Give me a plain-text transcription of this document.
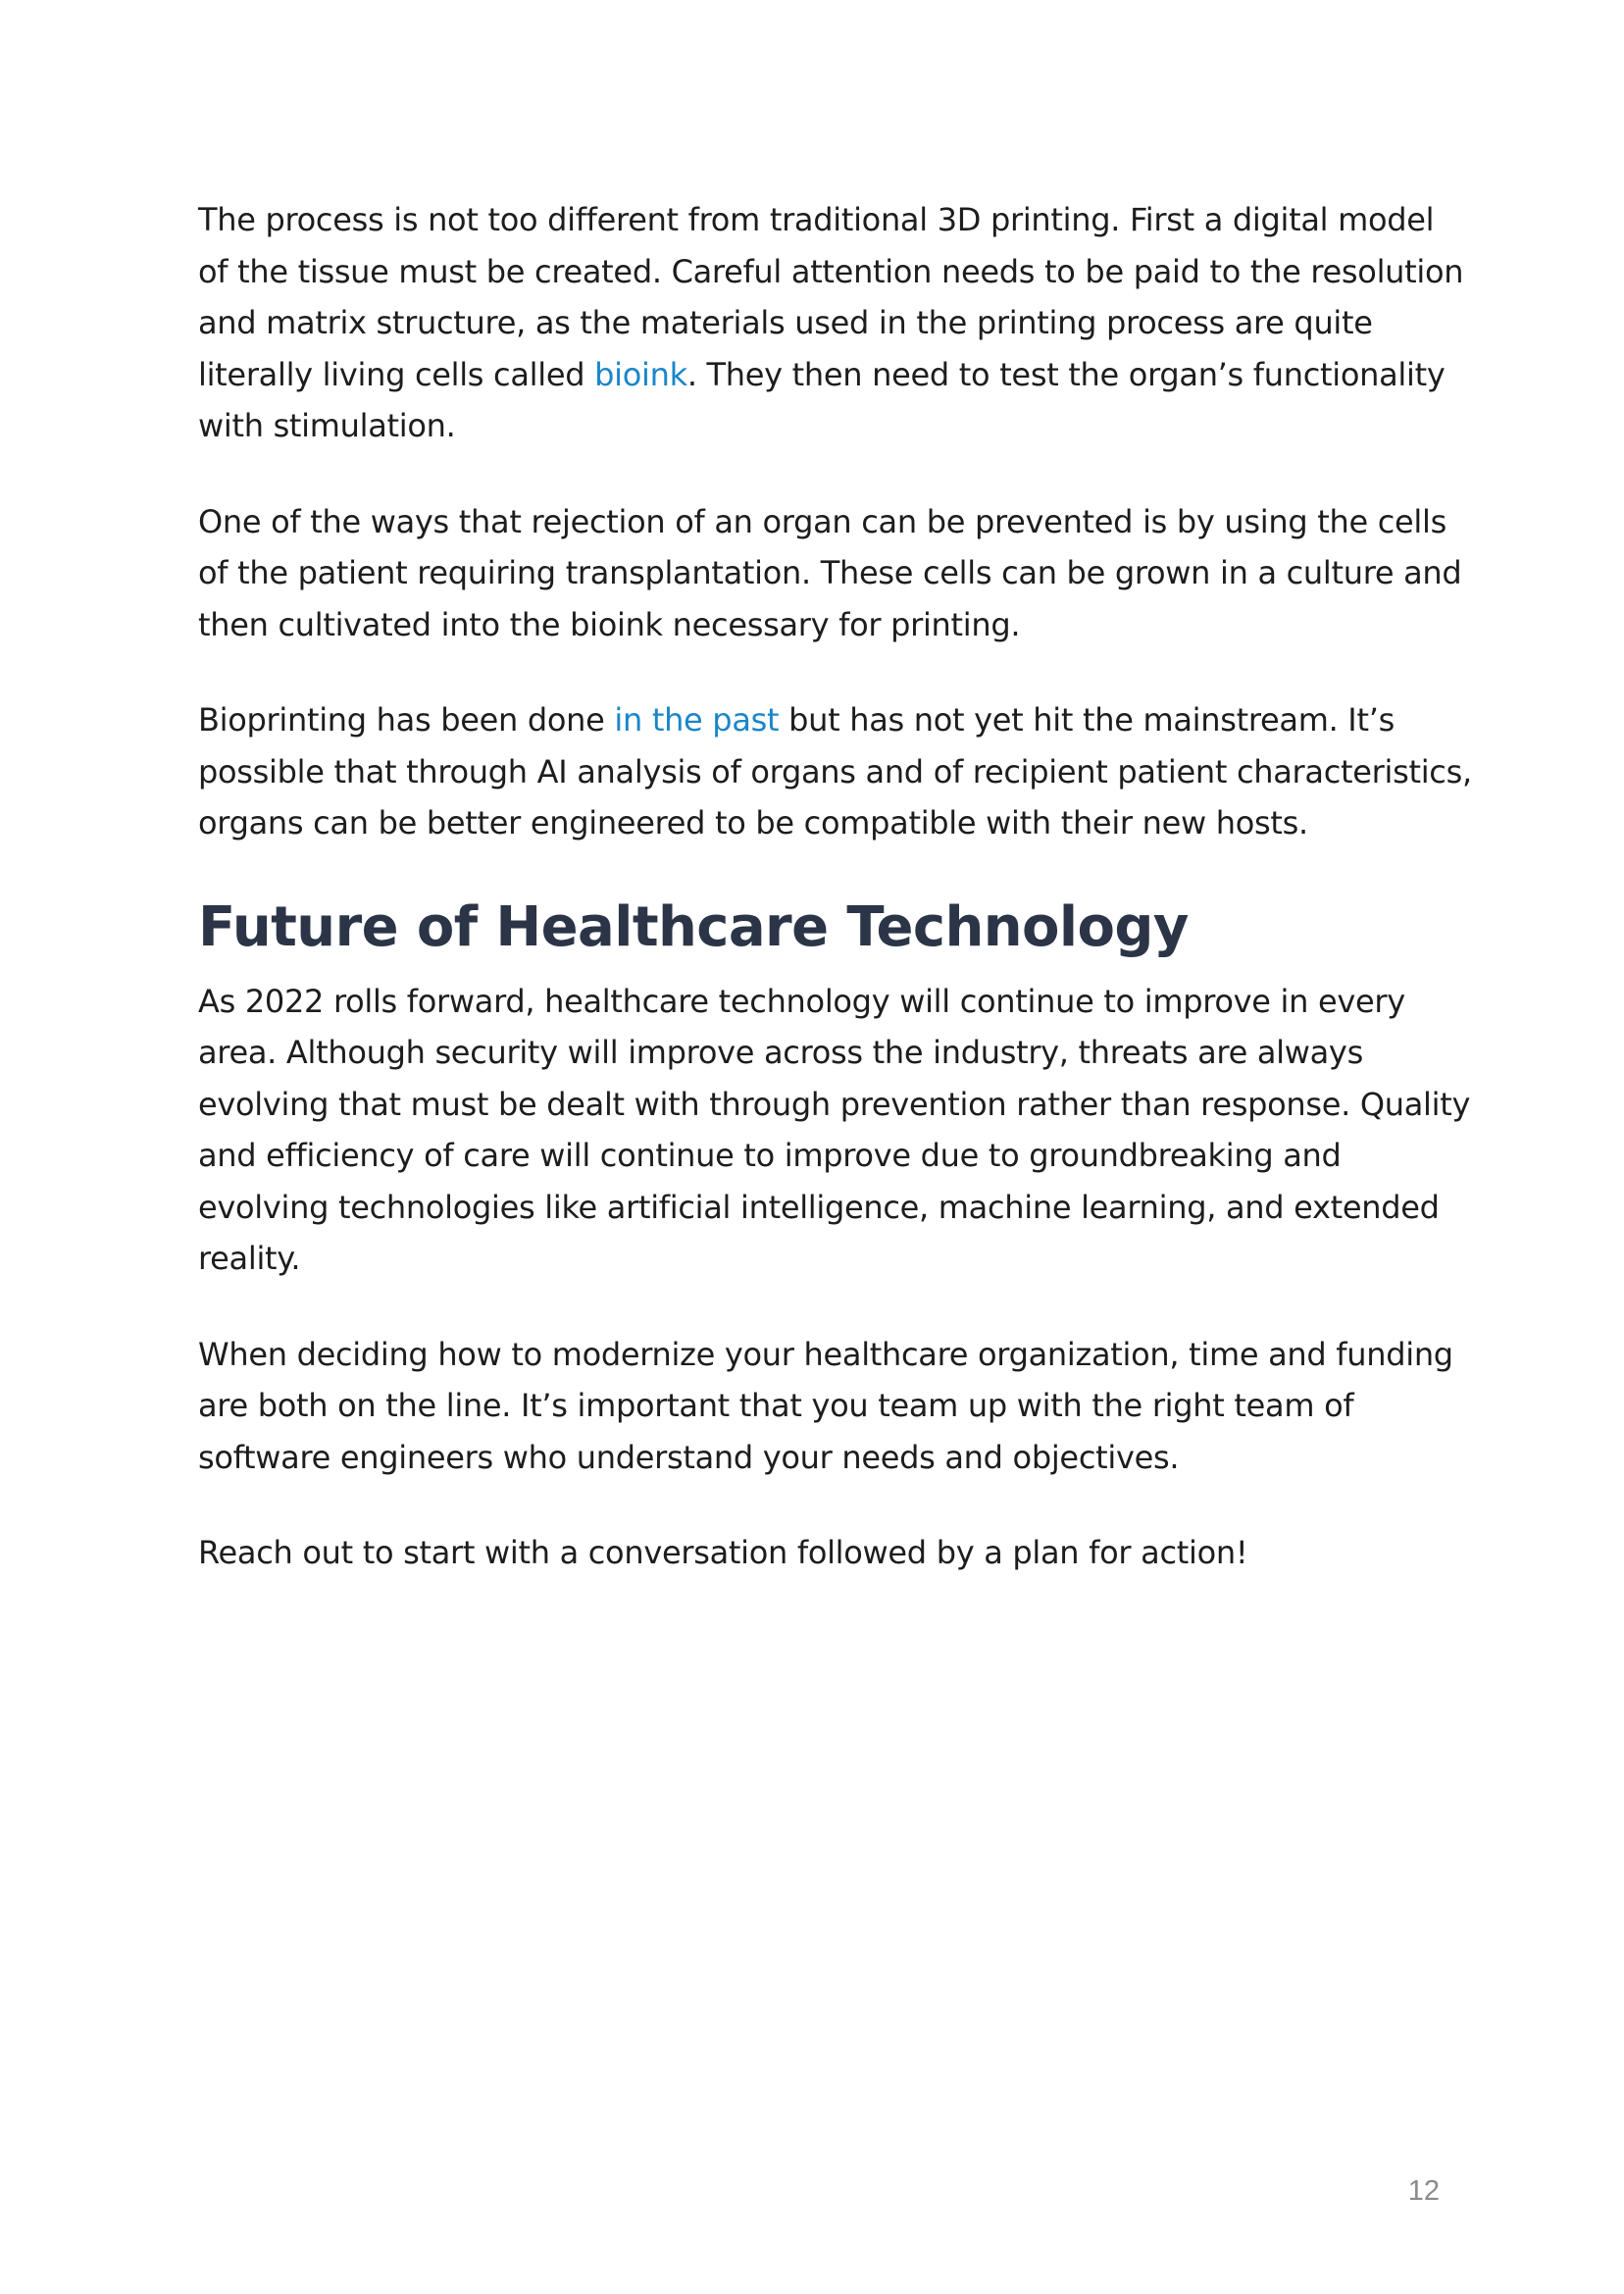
The process is not too different from traditional 3D printing. First a digital model of the tissue must be created. Careful attention needs to be paid to the resolution and matrix structure, as the materials used in the printing process are quite literally living cells called bioink. They then need to test the organ’s functionality with stimulation.

One of the ways that rejection of an organ can be prevented is by using the cells of the patient requiring transplantation. These cells can be grown in a culture and then cultivated into the bioink necessary for printing.

Bioprinting has been done in the past but has not yet hit the mainstream. It’s possible that through AI analysis of organs and of recipient patient characteristics, organs can be better engineered to be compatible with their new hosts.

Future of Healthcare Technology

As 2022 rolls forward, healthcare technology will continue to improve in every area. Although security will improve across the industry, threats are always evolving that must be dealt with through prevention rather than response. Quality and efficiency of care will continue to improve due to groundbreaking and evolving technologies like artificial intelligence, machine learning, and extended reality.

When deciding how to modernize your healthcare organization, time and funding are both on the line. It’s important that you team up with the right team of software engineers who understand your needs and objectives.

Reach out to start with a conversation followed by a plan for action!

12
